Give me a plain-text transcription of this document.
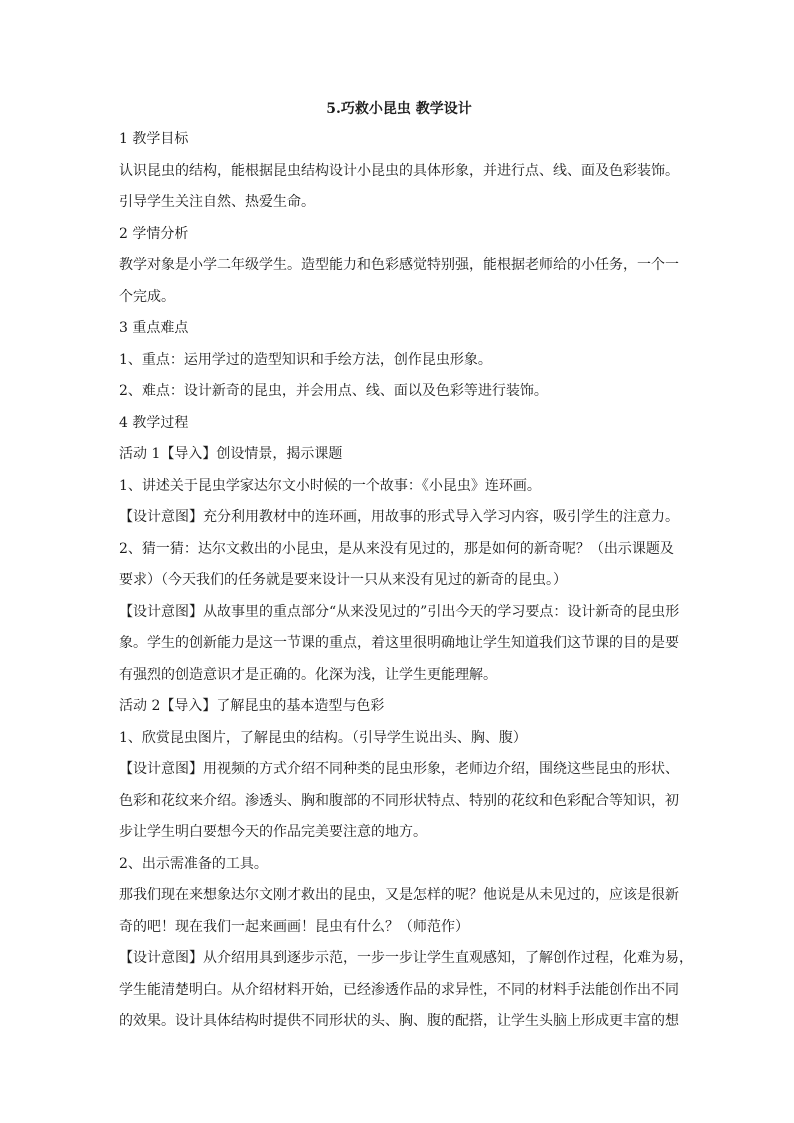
5.巧救小昆虫 教学设计

1 教学目标

认识昆虫的结构，能根据昆虫结构设计小昆虫的具体形象，并进行点、线、面及色彩装饰。

引导学生关注自然、热爱生命。

2 学情分析

教学对象是小学二年级学生。造型能力和色彩感觉特别强，能根据老师给的小任务，一个一

个完成。

3 重点难点

1、重点：运用学过的造型知识和手绘方法，创作昆虫形象。

2、难点：设计新奇的昆虫，并会用点、线、面以及色彩等进行装饰。

4 教学过程

活动 1【导入】创设情景，揭示课题

1、讲述关于昆虫学家达尔文小时候的一个故事：《小昆虫》连环画。

【设计意图】充分利用教材中的连环画，用故事的形式导入学习内容，吸引学生的注意力。

2、猜一猜：达尔文救出的小昆虫，是从来没有见过的，那是如何的新奇呢？（出示课题及

要求）（今天我们的任务就是要来设计一只从来没有见过的新奇的昆虫。）

【设计意图】从故事里的重点部分“从来没见过的”引出今天的学习要点：设计新奇的昆虫形

象。学生的创新能力是这一节课的重点，着这里很明确地让学生知道我们这节课的目的是要

有强烈的创造意识才是正确的。化深为浅，让学生更能理解。

活动 2【导入】了解昆虫的基本造型与色彩

1、欣赏昆虫图片，了解昆虫的结构。（引导学生说出头、胸、腹）

【设计意图】用视频的方式介绍不同种类的昆虫形象，老师边介绍，围绕这些昆虫的形状、

色彩和花纹来介绍。渗透头、胸和腹部的不同形状特点、特别的花纹和色彩配合等知识，初

步让学生明白要想今天的作品完美要注意的地方。

2、出示需准备的工具。

那我们现在来想象达尔文刚才救出的昆虫，又是怎样的呢？他说是从未见过的，应该是很新

奇的吧！现在我们一起来画画！昆虫有什么？（师范作）

【设计意图】从介绍用具到逐步示范，一步一步让学生直观感知，了解创作过程，化难为易，

学生能清楚明白。从介绍材料开始，已经渗透作品的求异性，不同的材料手法能创作出不同

的效果。设计具体结构时提供不同形状的头、胸、腹的配搭，让学生头脑上形成更丰富的想
